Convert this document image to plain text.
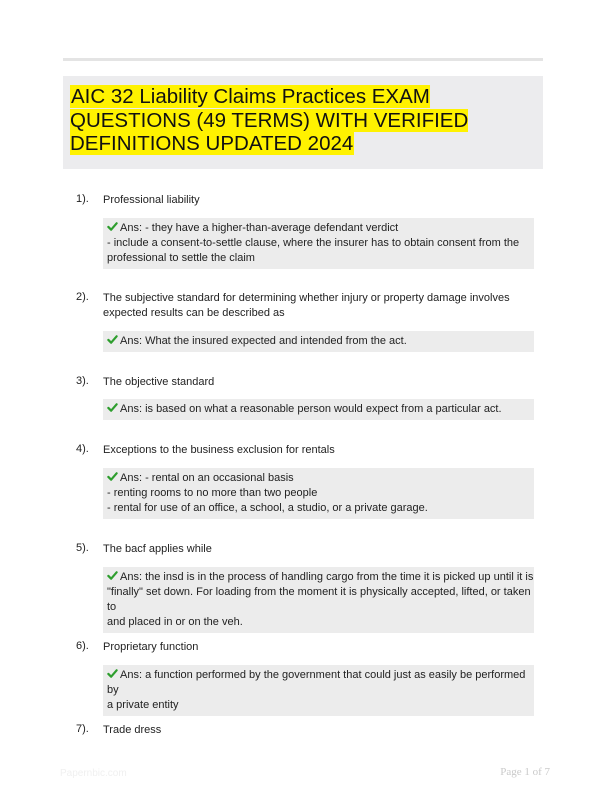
AIC 32 Liability Claims Practices EXAM QUESTIONS (49 TERMS) WITH VERIFIED DEFINITIONS UPDATED 2024
1). Professional liability
Ans: - they have a higher-than-average defendant verdict
- include a consent-to-settle clause, where the insurer has to obtain consent from the
professional to settle the claim
2). The subjective standard for determining whether injury or property damage involves expected results can be described as
Ans: What the insured expected and intended from the act.
3). The objective standard
Ans: is based on what a reasonable person would expect from a particular act.
4). Exceptions to the business exclusion for rentals
Ans: - rental on an occasional basis
- renting rooms to no more than two people
- rental for use of an office, a school, a studio, or a private garage.
5). The bacf applies while
Ans: the insd is in the process of handling cargo from the time it is picked up until it is
"finally" set down. For loading from the moment it is physically accepted, lifted, or taken to
and placed in or on the veh.
6). Proprietary function
Ans: a function performed by the government that could just as easily be performed by
a private entity
7). Trade dress
Papernbic.com	Page 1 of 7
